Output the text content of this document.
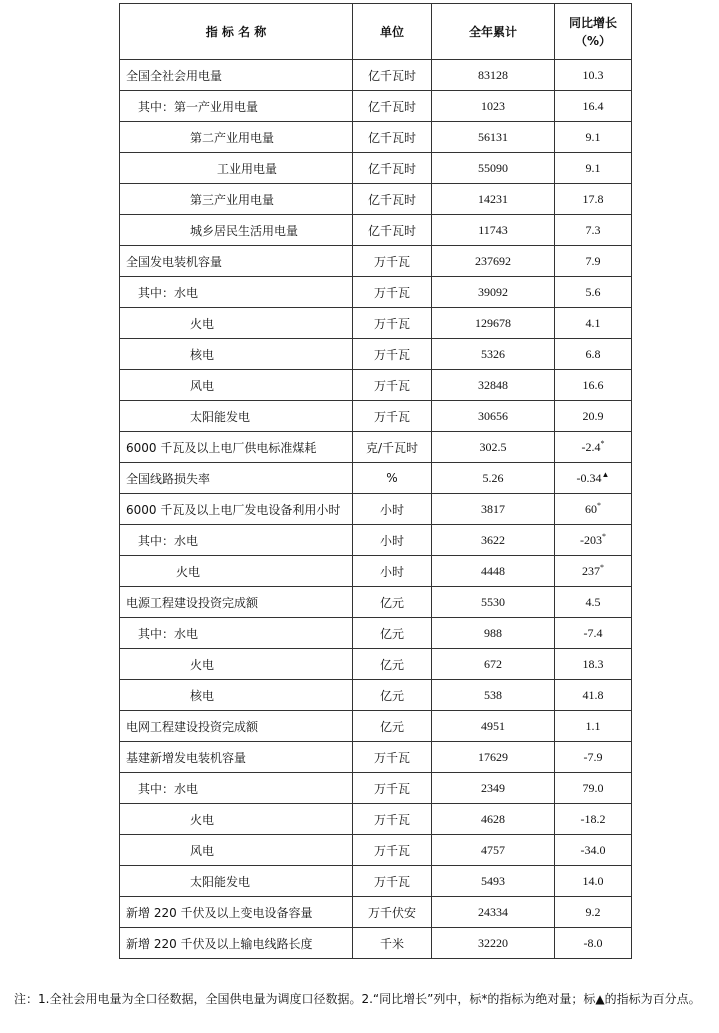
指 标 名 称	单位	全年累计	同比增长
（%）

全国全社会用电量	亿千瓦时	83128	10.3
其中：第一产业用电量	亿千瓦时	1023	16.4
第二产业用电量	亿千瓦时	56131	9.1
工业用电量	亿千瓦时	55090	9.1
第三产业用电量	亿千瓦时	14231	17.8
城乡居民生活用电量	亿千瓦时	11743	7.3
全国发电装机容量	万千瓦	237692	7.9
其中：水电	万千瓦	39092	5.6
火电	万千瓦	129678	4.1
核电	万千瓦	5326	6.8
风电	万千瓦	32848	16.6
太阳能发电	万千瓦	30656	20.9
6000 千瓦及以上电厂供电标准煤耗	克/千瓦时	302.5	-2.4*
全国线路损失率	%	5.26	-0.34▲
6000 千瓦及以上电厂发电设备利用小时	小时	3817	60*
其中：水电	小时	3622	-203*
火电	小时	4448	237*
电源工程建设投资完成额	亿元	5530	4.5
其中：水电	亿元	988	-7.4
火电	亿元	672	18.3
核电	亿元	538	41.8
电网工程建设投资完成额	亿元	4951	1.1
基建新增发电装机容量	万千瓦	17629	-7.9
其中：水电	万千瓦	2349	79.0
火电	万千瓦	4628	-18.2
风电	万千瓦	4757	-34.0
太阳能发电	万千瓦	5493	14.0
新增 220 千伏及以上变电设备容量	万千伏安	24334	9.2
新增 220 千伏及以上输电线路长度	千米	32220	-8.0
注：1.全社会用电量为全口径数据，全国供电量为调度口径数据。2.“同比增长”列中，标*的指标为绝对量；标▲的指标为百分点。
